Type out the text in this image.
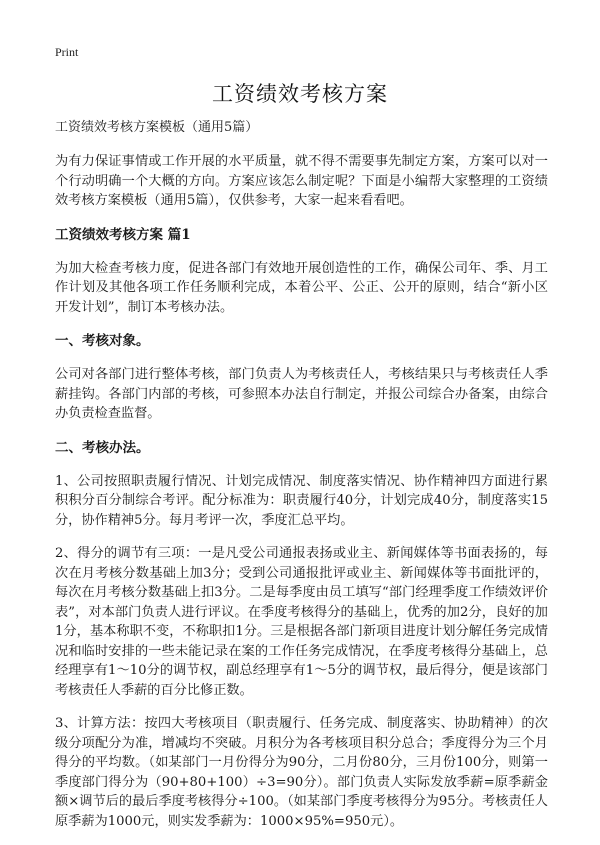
Print
工资绩效考核方案
工资绩效考核方案模板（通用5篇）

为有力保证事情或工作开展的水平质量，就不得不需要事先制定方案，方案可以对一个行动明确一个大概的方向。方案应该怎么制定呢？下面是小编帮大家整理的工资绩效考核方案模板（通用5篇），仅供参考，大家一起来看看吧。

工资绩效考核方案 篇1

为加大检查考核力度，促进各部门有效地开展创造性的工作，确保公司年、季、月工作计划及其他各项工作任务顺利完成，本着公平、公正、公开的原则，结合“新小区开发计划”，制订本考核办法。

一、考核对象。

公司对各部门进行整体考核，部门负责人为考核责任人，考核结果只与考核责任人季薪挂钩。各部门内部的考核，可参照本办法自行制定，并报公司综合办备案，由综合办负责检查监督。

二、考核办法。

1、公司按照职责履行情况、计划完成情况、制度落实情况、协作精神四方面进行累积积分百分制综合考评。配分标准为：职责履行40分，计划完成40分，制度落实15分，协作精神5分。每月考评一次，季度汇总平均。

2、得分的调节有三项：一是凡受公司通报表扬或业主、新闻媒体等书面表扬的，每次在月考核分数基础上加3分；受到公司通报批评或业主、新闻媒体等书面批评的，每次在月考核分数基础上扣3分。二是每季度由员工填写“部门经理季度工作绩效评价表”，对本部门负责人进行评议。在季度考核得分的基础上，优秀的加2分，良好的加1分，基本称职不变，不称职扣1分。三是根据各部门新项目进度计划分解任务完成情况和临时安排的一些未能记录在案的工作任务完成情况，在季度考核得分基础上，总经理享有1～10分的调节权，副总经理享有1～5分的调节权，最后得分，便是该部门考核责任人季薪的百分比修正数。

3、计算方法：按四大考核项目（职责履行、任务完成、制度落实、协助精神）的次级分项配分为准，增减均不突破。月积分为各考核项目积分总合；季度得分为三个月得分的平均数。（如某部门一月份得分为90分，二月份80分，三月份100分，则第一季度部门得分为（90+80+100）÷3=90分）。部门负责人实际发放季薪=原季薪金额×调节后的最后季度考核得分÷100。（如某部门季度考核得分为95分。考核责任人原季薪为1000元，则实发季薪为：1000×95%=950元）。
